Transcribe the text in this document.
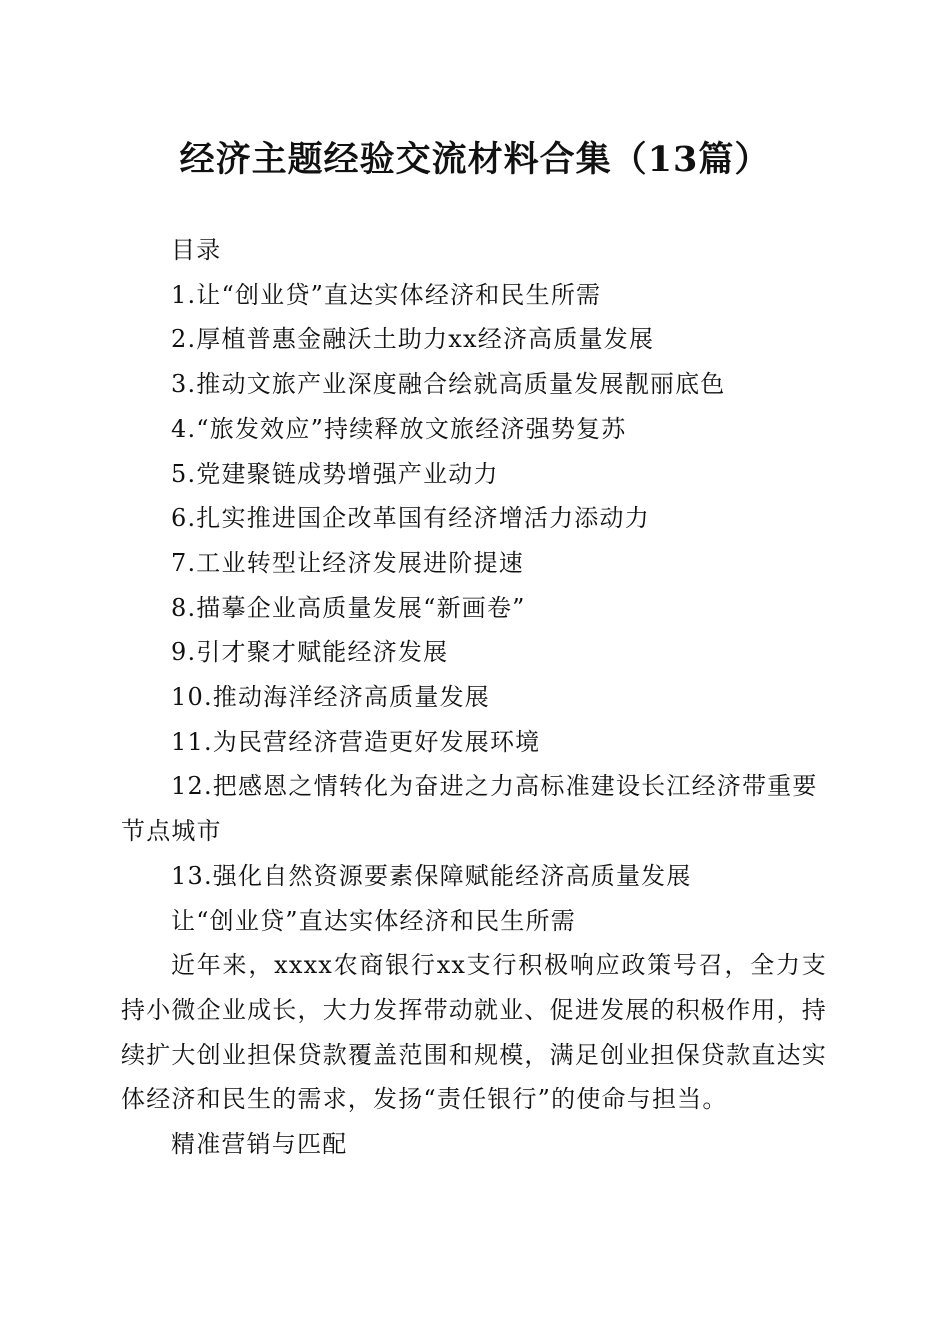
经济主题经验交流材料合集（13篇）

目录

1.让“创业贷”直达实体经济和民生所需

2.厚植普惠金融沃土助力xx经济高质量发展

3.推动文旅产业深度融合绘就高质量发展靓丽底色

4.“旅发效应”持续释放文旅经济强势复苏

5.党建聚链成势增强产业动力

6.扎实推进国企改革国有经济增活力添动力

7.工业转型让经济发展进阶提速

8.描摹企业高质量发展“新画卷”

9.引才聚才赋能经济发展

10.推动海洋经济高质量发展

11.为民营经济营造更好发展环境

12.把感恩之情转化为奋进之力高标准建设长江经济带重要节点城市

13.强化自然资源要素保障赋能经济高质量发展

让“创业贷”直达实体经济和民生所需

近年来，xxxx农商银行xx支行积极响应政策号召，全力支持小微企业成长，大力发挥带动就业、促进发展的积极作用，持续扩大创业担保贷款覆盖范围和规模，满足创业担保贷款直达实体经济和民生的需求，发扬“责任银行”的使命与担当。

精准营销与匹配
